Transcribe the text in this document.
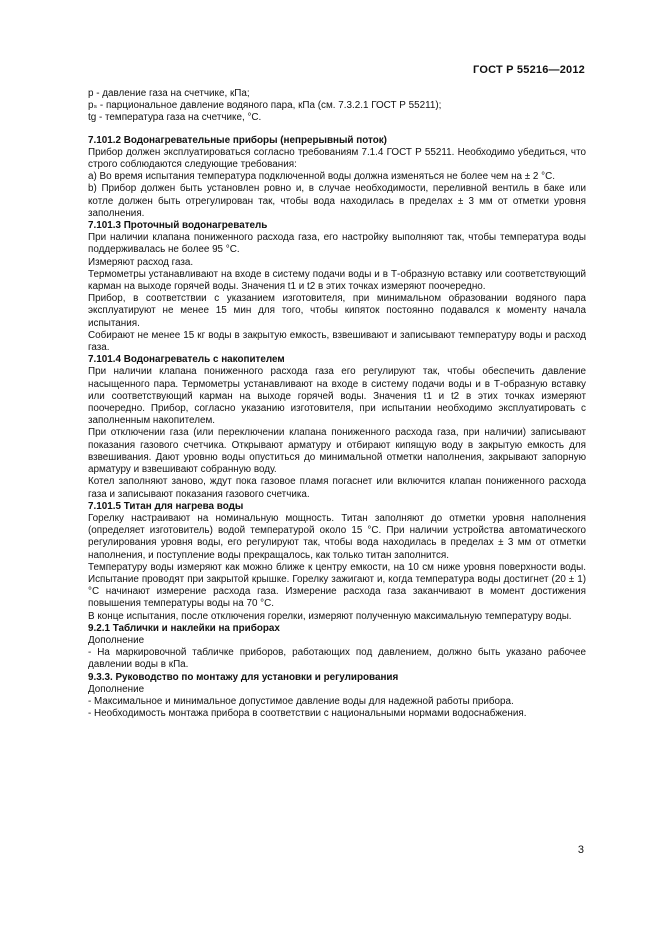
ГОСТ Р 55216—2012

p - давление газа на счетчике, кПа;

pₛ - парциональное давление водяного пара, кПа (см. 7.3.2.1 ГОСТ Р 55211);

tg - температура газа на счетчике, °С.

7.101.2 Водонагревательные приборы (непрерывный поток)

Прибор должен эксплуатироваться согласно требованиям 7.1.4 ГОСТ Р 55211. Необходимо убедиться, что строго соблюдаются следующие требования:

a) Во время испытания температура подключенной воды должна изменяться не более чем на ± 2 °С.

b) Прибор должен быть установлен ровно и, в случае необходимости, переливной вентиль в баке или котле должен быть отрегулирован так, чтобы вода находилась в пределах ± 3 мм от отметки уровня заполнения.

7.101.3 Проточный водонагреватель

При наличии клапана пониженного расхода газа, его настройку выполняют так, чтобы температура воды поддерживалась не более 95 °С.

Измеряют расход газа.

Термометры устанавливают на входе в систему подачи воды и в Т-образную вставку или соответствующий карман на выходе горячей воды. Значения t1 и t2 в этих точках измеряют поочередно.

Прибор, в соответствии с указанием изготовителя, при минимальном образовании водяного пара эксплуатируют не менее 15 мин для того, чтобы кипяток постоянно подавался к моменту начала испытания.

Собирают не менее 15 кг воды в закрытую емкость, взвешивают и записывают температуру воды и расход газа.

7.101.4 Водонагреватель с накопителем

При наличии клапана пониженного расхода газа его регулируют так, чтобы обеспечить давление насыщенного пара. Термометры устанавливают на входе в систему подачи воды и в Т-образную вставку или соответствующий карман на выходе горячей воды. Значения t1 и t2 в этих точках измеряют поочередно. Прибор, согласно указанию изготовителя, при испытании необходимо эксплуатировать с заполненным накопителем.

При отключении газа (или переключении клапана пониженного расхода газа, при наличии) записывают показания газового счетчика. Открывают арматуру и отбирают кипящую воду в закрытую емкость для взвешивания. Дают уровню воды опуститься до минимальной отметки наполнения, закрывают запорную арматуру и взвешивают собранную воду.

Котел заполняют заново, ждут пока газовое пламя погаснет или включится клапан пониженного расхода газа и записывают показания газового счетчика.

7.101.5 Титан для нагрева воды

Горелку настраивают на номинальную мощность. Титан заполняют до отметки уровня наполнения (определяет изготовитель) водой температурой около 15 °С. При наличии устройства автоматического регулирования уровня воды, его регулируют так, чтобы вода находилась в пределах ± 3 мм от отметки наполнения, и поступление воды прекращалось, как только титан заполнится.

Температуру воды измеряют как можно ближе к центру емкости, на 10 см ниже уровня поверхности воды. Испытание проводят при закрытой крышке. Горелку зажигают и, когда температура воды достигнет (20 ± 1) °С начинают измерение расхода газа. Измерение расхода газа заканчивают в момент достижения повышения температуры воды на 70 °С.

В конце испытания, после отключения горелки, измеряют полученную максимальную температуру воды.

9.2.1 Таблички и наклейки на приборах

Дополнение

- На маркировочной табличке приборов, работающих под давлением, должно быть указано рабочее давлении воды в кПа.

9.3.3. Руководство по монтажу для установки и регулирования

Дополнение

- Максимальное и минимальное допустимое давление воды для надежной работы прибора.

- Необходимость монтажа прибора в соответствии с национальными нормами водоснабжения.

3
